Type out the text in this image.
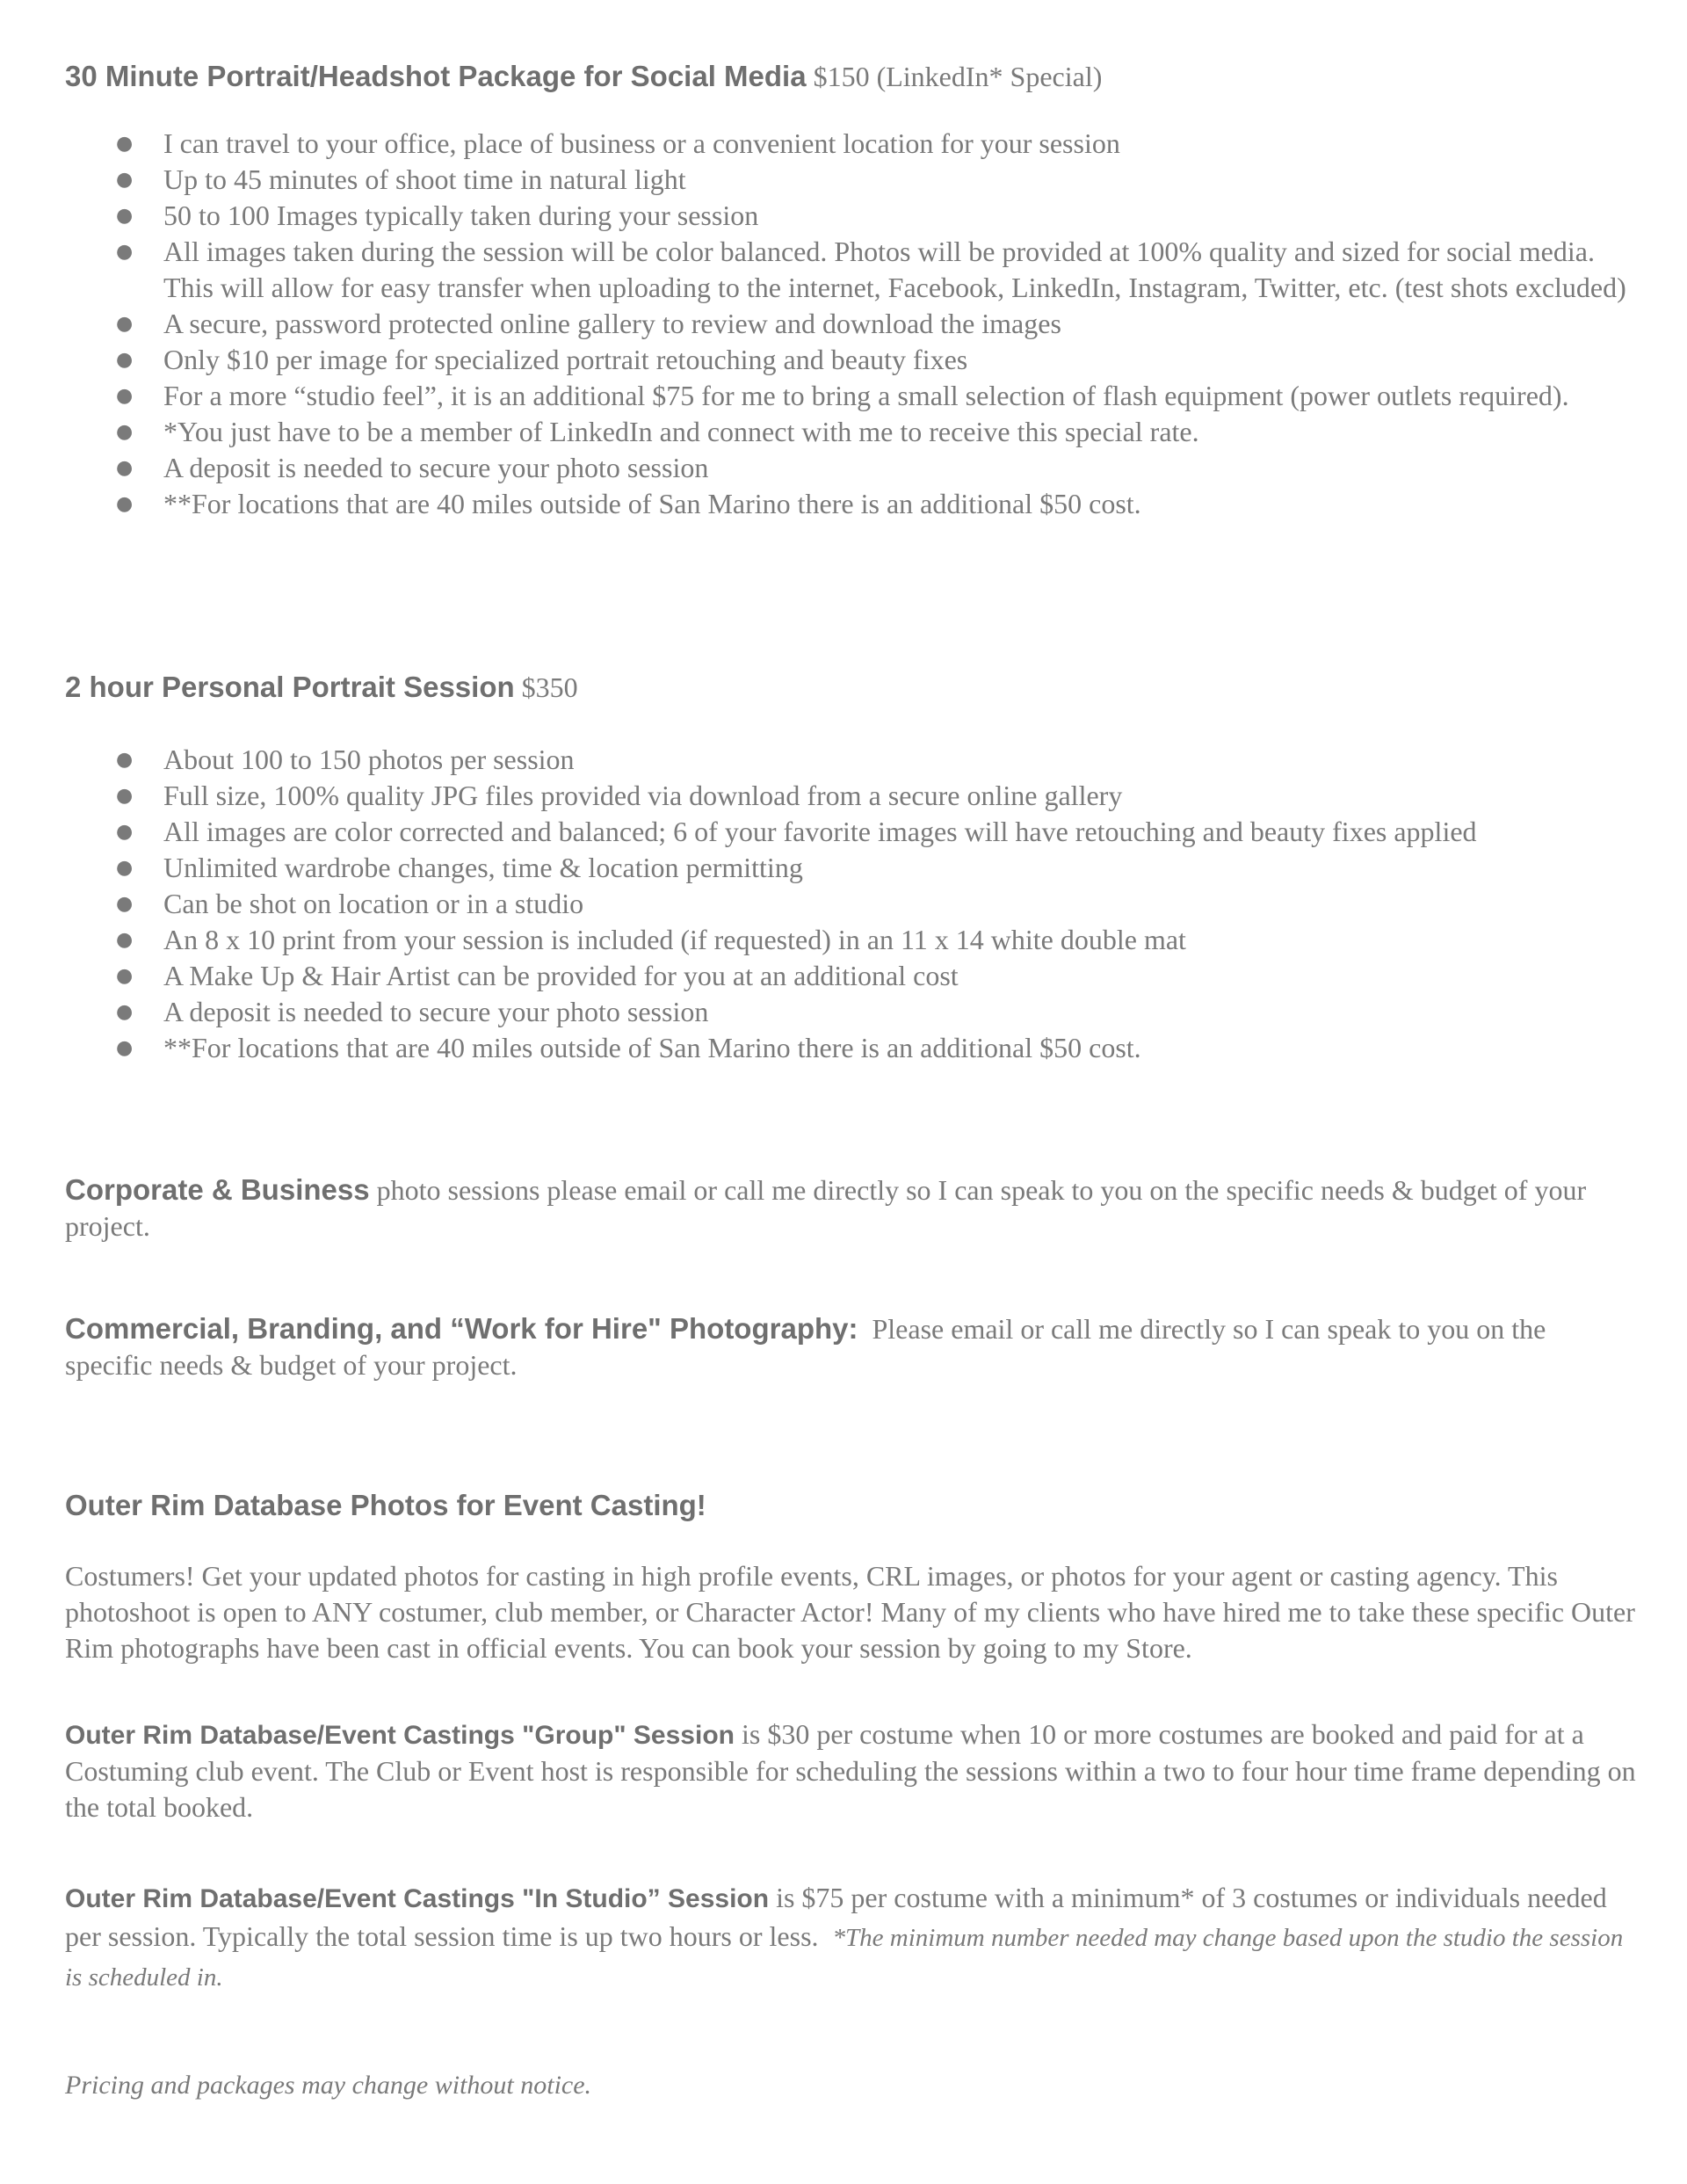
30 Minute Portrait/Headshot Package for Social Media $150 (LinkedIn* Special)

● I can travel to your office, place of business or a convenient location for your session
● Up to 45 minutes of shoot time in natural light
● 50 to 100 Images typically taken during your session
● All images taken during the session will be color balanced. Photos will be provided at 100% quality and sized for social media. This will allow for easy transfer when uploading to the internet, Facebook, LinkedIn, Instagram, Twitter, etc. (test shots excluded)
● A secure, password protected online gallery to review and download the images
● Only $10 per image for specialized portrait retouching and beauty fixes
● For a more “studio feel”, it is an additional $75 for me to bring a small selection of flash equipment (power outlets required).
● *You just have to be a member of LinkedIn and connect with me to receive this special rate.
● A deposit is needed to secure your photo session
● **For locations that are 40 miles outside of San Marino there is an additional $50 cost.

2 hour Personal Portrait Session $350

● About 100 to 150 photos per session
● Full size, 100% quality JPG files provided via download from a secure online gallery
● All images are color corrected and balanced; 6 of your favorite images will have retouching and beauty fixes applied
● Unlimited wardrobe changes, time & location permitting
● Can be shot on location or in a studio
● An 8 x 10 print from your session is included (if requested) in an 11 x 14 white double mat
● A Make Up & Hair Artist can be provided for you at an additional cost
● A deposit is needed to secure your photo session
● **For locations that are 40 miles outside of San Marino there is an additional $50 cost.

Corporate & Business photo sessions please email or call me directly so I can speak to you on the specific needs & budget of your project.

Commercial, Branding, and “Work for Hire" Photography: Please email or call me directly so I can speak to you on the specific needs & budget of your project.

Outer Rim Database Photos for Event Casting!

Costumers! Get your updated photos for casting in high profile events, CRL images, or photos for your agent or casting agency. This photoshoot is open to ANY costumer, club member, or Character Actor! Many of my clients who have hired me to take these specific Outer Rim photographs have been cast in official events. You can book your session by going to my Store.

Outer Rim Database/Event Castings "Group" Session is $30 per costume when 10 or more costumes are booked and paid for at a Costuming club event. The Club or Event host is responsible for scheduling the sessions within a two to four hour time frame depending on the total booked.

Outer Rim Database/Event Castings "In Studio” Session is $75 per costume with a minimum* of 3 costumes or individuals needed per session. Typically the total session time is up two hours or less. *The minimum number needed may change based upon the studio the session is scheduled in.

Pricing and packages may change without notice.
